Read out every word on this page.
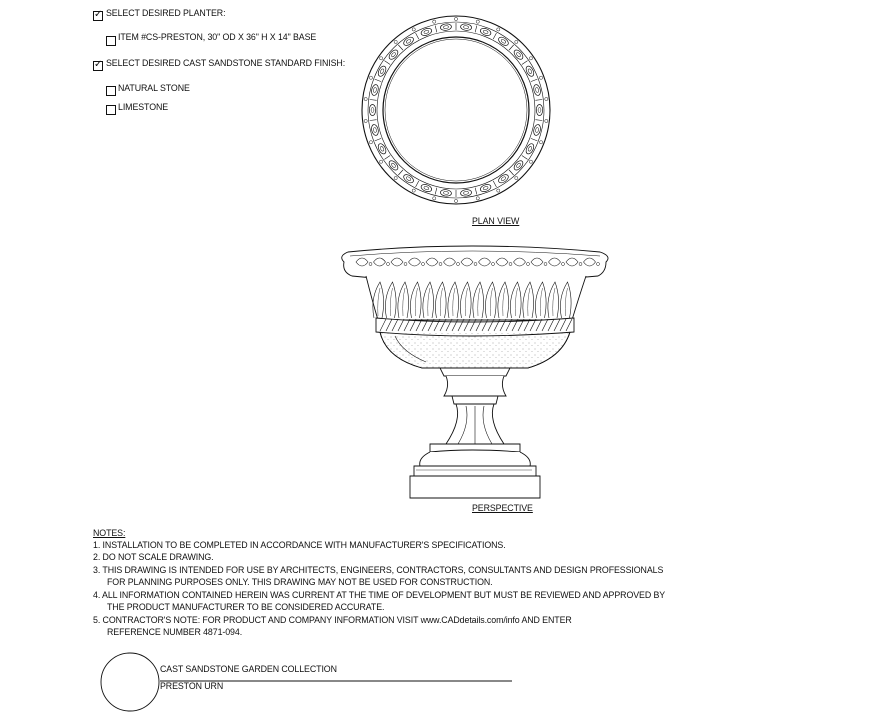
✓ SELECT DESIRED PLANTER:
ITEM #CS-PRESTON, 30" OD X 36" H X 14" BASE
✓ SELECT DESIRED CAST SANDSTONE STANDARD FINISH:
NATURAL STONE
LIMESTONE
PLAN VIEW
PERSPECTIVE
NOTES:
1. INSTALLATION TO BE COMPLETED IN ACCORDANCE WITH MANUFACTURER'S SPECIFICATIONS.
2. DO NOT SCALE DRAWING.
3. THIS DRAWING IS INTENDED FOR USE BY ARCHITECTS, ENGINEERS, CONTRACTORS, CONSULTANTS AND DESIGN PROFESSIONALS
FOR PLANNING PURPOSES ONLY. THIS DRAWING MAY NOT BE USED FOR CONSTRUCTION.
4. ALL INFORMATION CONTAINED HEREIN WAS CURRENT AT THE TIME OF DEVELOPMENT BUT MUST BE REVIEWED AND APPROVED BY
THE PRODUCT MANUFACTURER TO BE CONSIDERED ACCURATE.
5. CONTRACTOR'S NOTE: FOR PRODUCT AND COMPANY INFORMATION VISIT www.CADdetails.com/info AND ENTER
REFERENCE NUMBER 4871-094.
CAST SANDSTONE GARDEN COLLECTION
PRESTON URN
